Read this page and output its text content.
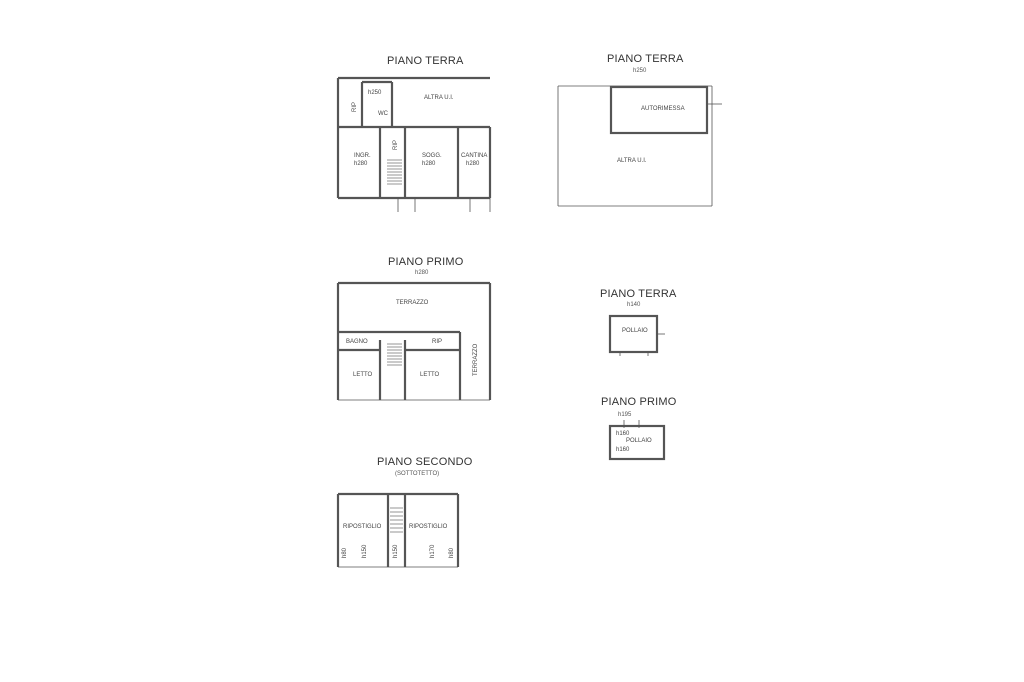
PIANO TERRA
h250
RIP
WC
ALTRA U.I.
INGR.
h280
RIP
SOGG.
h280
CANTINA
h280
PIANO TERRA
h250
AUTORIMESSA
ALTRA U.I.
PIANO PRIMO
h280
TERRAZZO
BAGNO	RIP
LETTO	LETTO	TERRAZZO
PIANO TERRA
h140
POLLAIO
PIANO PRIMO
h195
h160
POLLAIO
h160
PIANO SECONDO
(SOTTOTETTO)
RIPOSTIGLIO	RIPOSTIGLIO
h80 h150	h150	h170 h80
